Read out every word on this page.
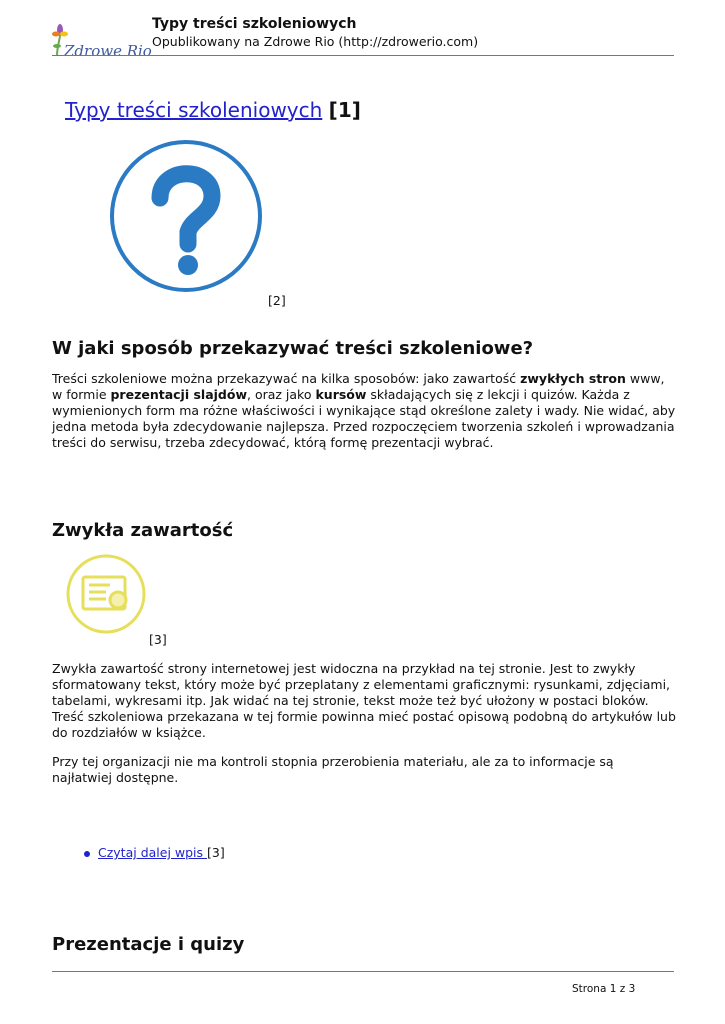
Zdrowe Rio
Typy treści szkoleniowych
Opublikowany na Zdrowe Rio (http://zdrowerio.com)
Typy treści szkoleniowych [1]
[2]
W jaki sposób przekazywać treści szkoleniowe?

Treści szkoleniowe można przekazywać na kilka sposobów: jako zawartość zwykłych stron www, w formie prezentacji slajdów, oraz jako kursów składających się z lekcji i quizów. Każda z wymienionych form ma różne właściwości i wynikające stąd określone zalety i wady. Nie widać, aby jedna metoda była zdecydowanie najlepsza. Przed rozpoczęciem tworzenia szkoleń i wprowadzania treści do serwisu, trzeba zdecydować, którą formę prezentacji wybrać.

Zwykła zawartość
[3]

Zwykła zawartość strony internetowej jest widoczna na przykład na tej stronie. Jest to zwykły sformatowany tekst, który może być przeplatany z elementami graficznymi: rysunkami, zdjęciami, tabelami, wykresami itp. Jak widać na tej stronie, tekst może też być ułożony w postaci bloków. Treść szkoleniowa przekazana w tej formie powinna mieć postać opisową podobną do artykułów lub do rozdziałów w książce.

Przy tej organizacji nie ma kontroli stopnia przerobienia materiału, ale za to informacje są najłatwiej dostępne.

Czytaj dalej wpis [3]
Prezentacje i quizy
Strona 1 z 3
